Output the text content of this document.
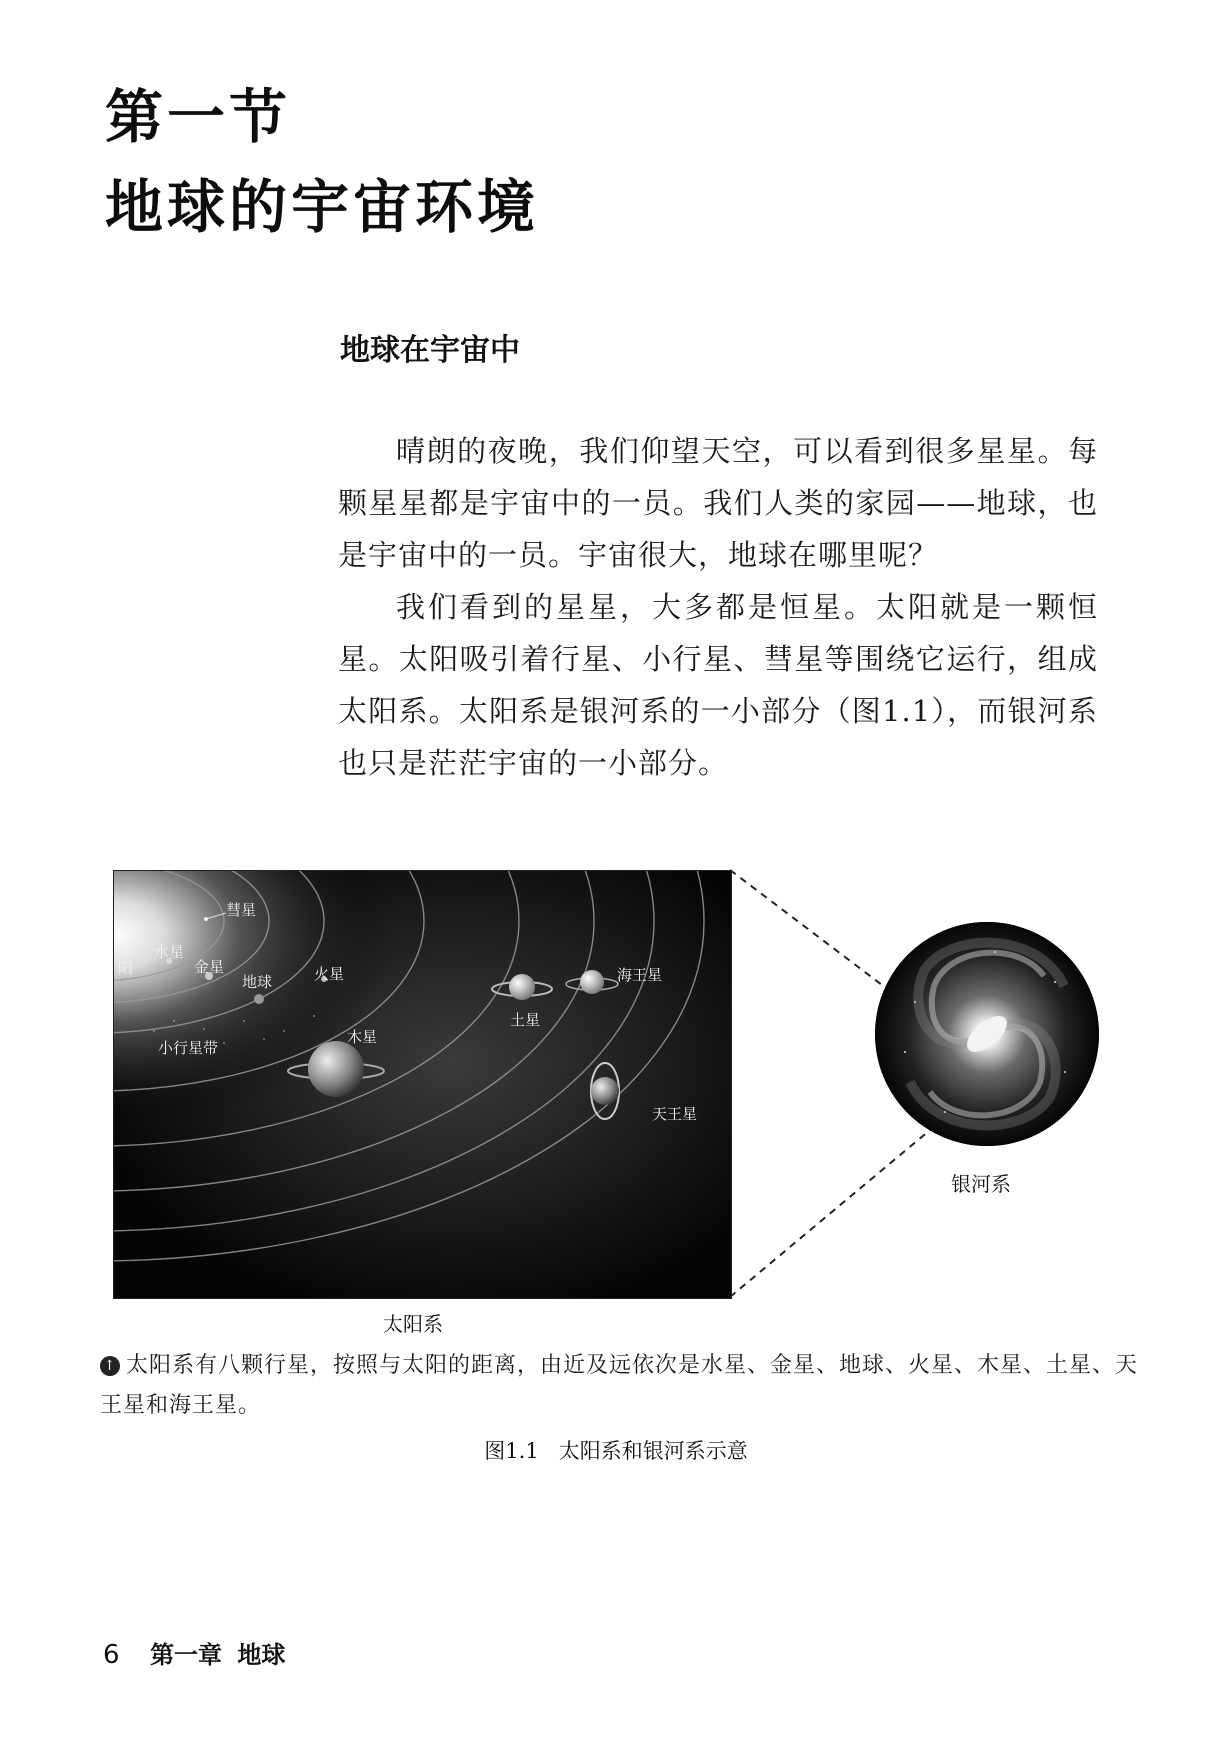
第一节
地球的宇宙环境
地球在宇宙中
晴朗的夜晚，我们仰望天空，可以看到很多星星。每颗星星都是宇宙中的一员。我们人类的家园——地球，也是宇宙中的一员。宇宙很大，地球在哪里呢？
我们看到的星星，大多都是恒星。太阳就是一颗恒星。太阳吸引着行星、小行星、彗星等围绕它运行，组成太阳系。太阳系是银河系的一小部分（图1.1），而银河系也只是茫茫宇宙的一小部分。
彗星
太阳
水星
金星
地球	火星
木星
土星
海王星
天王星
小行星带
太阳系
银河系
↑ 太阳系有八颗行星，按照与太阳的距离，由近及远依次是水星、金星、地球、火星、木星、土星、天王星和海王星。
图1.1 太阳系和银河系示意
6 第一章 地球
